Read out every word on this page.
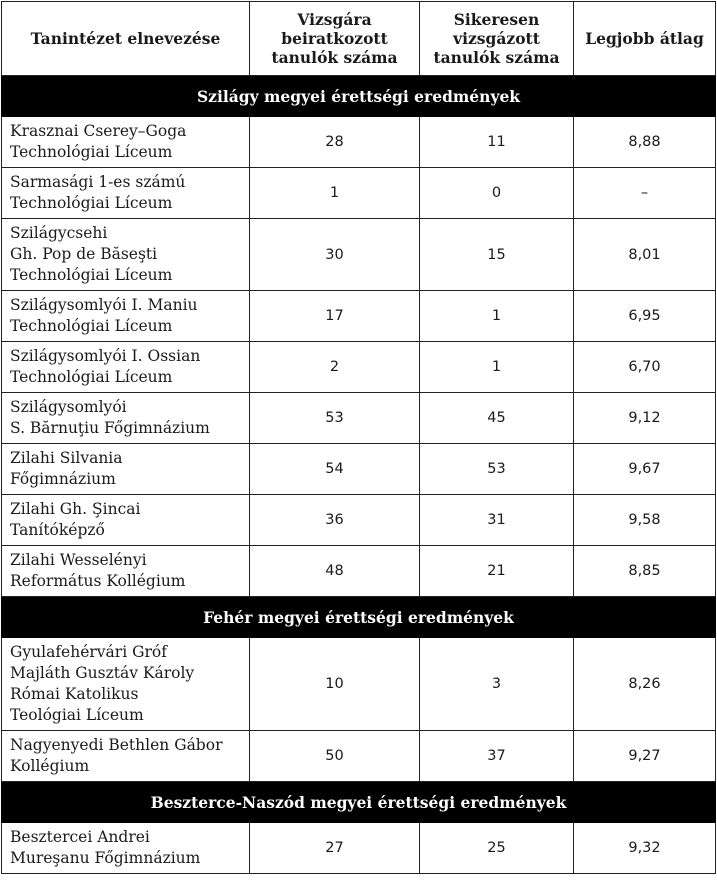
Tanintézet elnevezése	Vizsgára
beiratkozott
tanulók száma	Sikeresen
vizsgázott
tanulók száma	Legjobb átlag
Szilágy megyei érettségi eredmények			

Krasznai Cserey–Goga
Technológiai Líceum	28	11	8,88

Sarmasági 1-es számú
Technológiai Líceum	1	0	–

Szilágycsehi
Gh. Pop de Băseşti
Technológiai Líceum	30	15	8,01

Szilágysomlyói I. Maniu
Technológiai Líceum	17	1	6,95

Szilágysomlyói I. Ossian
Technológiai Líceum	2	1	6,70

Szilágysomlyói
S. Bărnuţiu Főgimnázium	53	45	9,12

Zilahi Silvania
Főgimnázium	54	53	9,67

Zilahi Gh. Şincai
Tanítóképző	36	31	9,58

Zilahi Wesselényi
Református Kollégium	48	21	8,85
Fehér megyei érettségi eredmények			

Gyulafehérvári Gróf
Majláth Gusztáv Károly
Római Katolikus
Teológiai Líceum	10	3	8,26

Nagyenyedi Bethlen Gábor
Kollégium	50	37	9,27
Beszterce-Naszód megyei érettségi eredmények			

Besztercei Andrei
Mureşanu Főgimnázium	27	25	9,32
